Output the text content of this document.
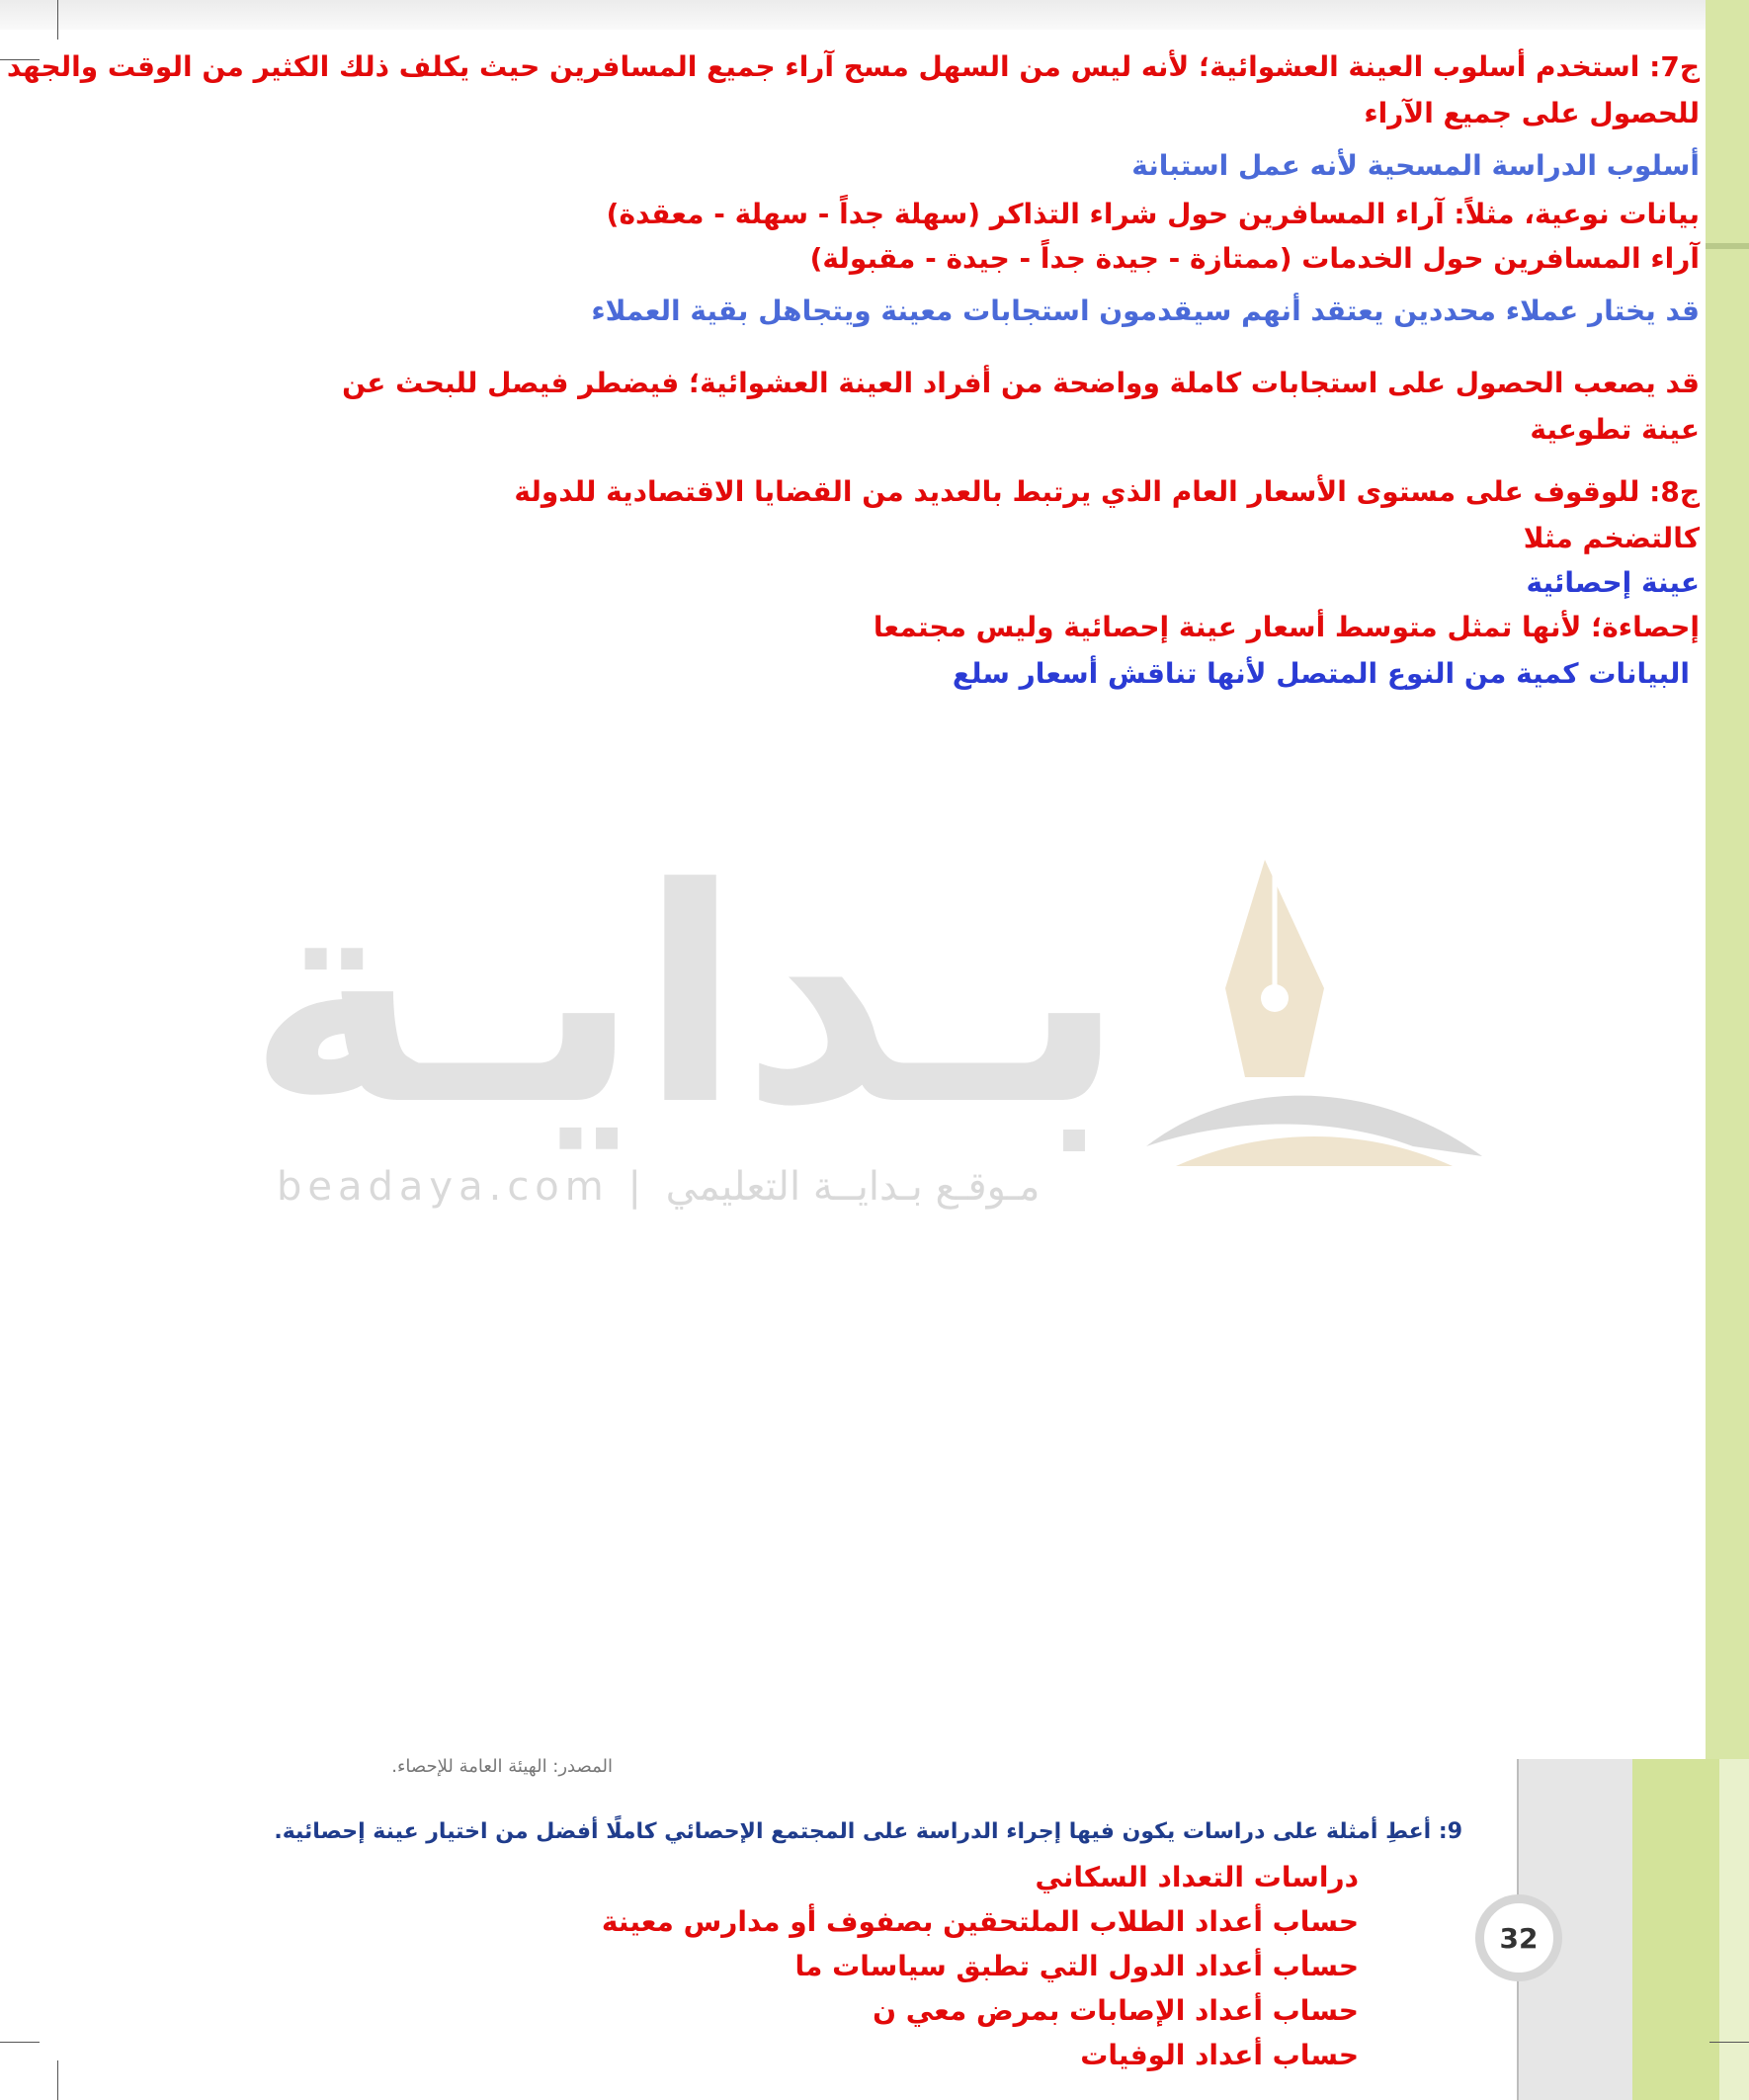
بـدايـة
beadaya.com | مـوقـع بـدايــة التعليمي
ج7: استخدم أسلوب العينة العشوائية؛ لأنه ليس من السهل مسح آراء جميع المسافرين حيث يكلف ذلك الكثير من الوقت والجهد
للحصول على جميع الآراء
أسلوب الدراسة المسحية لأنه عمل استبانة
بيانات نوعية، مثلاً: آراء المسافرين حول شراء التذاكر (سهلة جداً - سهلة - معقدة)
آراء المسافرين حول الخدمات (ممتازة - جيدة جداً - جيدة - مقبولة)
قد يختار عملاء محددين يعتقد أنهم سيقدمون استجابات معينة ويتجاهل بقية العملاء
قد يصعب الحصول على استجابات كاملة وواضحة من أفراد العينة العشوائية؛ فيضطر فيصل للبحث عن
عينة تطوعية
ج8: للوقوف على مستوى الأسعار العام الذي يرتبط بالعديد من القضايا الاقتصادية للدولة
كالتضخم مثلا
عينة إحصائية
إحصاءة؛ لأنها تمثل متوسط أسعار عينة إحصائية وليس مجتمعا
البيانات كمية من النوع المتصل لأنها تناقش أسعار سلع
المصدر: الهيئة العامة للإحصاء.
9: أعطِ أمثلة على دراسات يكون فيها إجراء الدراسة على المجتمع الإحصائي كاملًا أفضل من اختيار عينة إحصائية.
دراسات التعداد السكاني
حساب أعداد الطلاب الملتحقين بصفوف أو مدارس معينة
حساب أعداد الدول التي تطبق سياسات ما
حساب أعداد الإصابات بمرض معي ن
حساب أعداد الوفيات
32
